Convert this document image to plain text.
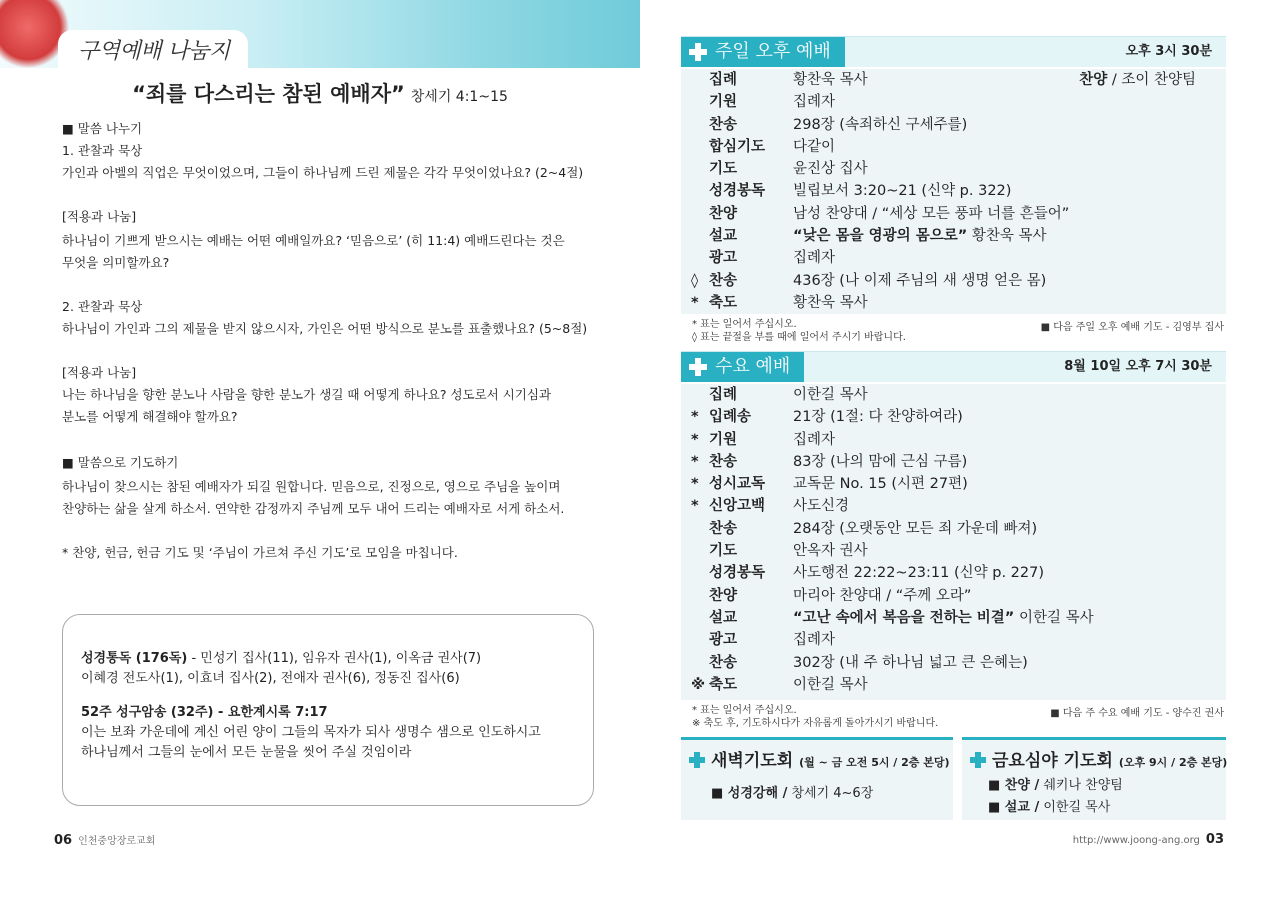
구역예배 나눔지
“죄를 다스리는 참된 예배자” 창세기 4:1~15
■ 말씀 나누기
1. 관찰과 묵상
가인과 아벨의 직업은 무엇이었으며, 그들이 하나님께 드린 제물은 각각 무엇이었나요? (2~4절)
[적용과 나눔]
하나님이 기쁘게 받으시는 예배는 어떤 예배일까요? ‘믿음으로’ (히 11:4) 예배드린다는 것은
무엇을 의미할까요?
2. 관찰과 묵상
하나님이 가인과 그의 제물을 받지 않으시자, 가인은 어떤 방식으로 분노를 표출했나요? (5~8절)
[적용과 나눔]
나는 하나님을 향한 분노나 사람을 향한 분노가 생길 때 어떻게 하나요? 성도로서 시기심과
분노를 어떻게 해결해야 할까요?
■ 말씀으로 기도하기
하나님이 찾으시는 참된 예배자가 되길 원합니다. 믿음으로, 진정으로, 영으로 주님을 높이며
찬양하는 삶을 살게 하소서. 연약한 감정까지 주님께 모두 내어 드리는 예배자로 서게 하소서.
* 찬양, 헌금, 헌금 기도 및 ‘주님이 가르쳐 주신 기도’로 모임을 마칩니다.
성경통독 (176독) - 민성기 집사(11), 임유자 권사(1), 이옥금 권사(7)
이혜경 전도사(1), 이효녀 집사(2), 전애자 권사(6), 정동진 집사(6)
52주 성구암송 (32주) - 요한계시록 7:17
이는 보좌 가운데에 계신 어린 양이 그들의 목자가 되사 생명수 샘으로 인도하시고
하나님께서 그들의 눈에서 모든 눈물을 씻어 주실 것임이라
06 인천중앙장로교회
주일 오후 예배	오후 3시 30분
집례	황찬욱 목사	찬양 / 조이 찬양팀
기원	집례자
찬송	298장 (속죄하신 구세주를)
합심기도	다같이
기도	윤진상 집사
성경봉독	빌립보서 3:20~21 (신약 p. 322)
찬양	남성 찬양대 / “세상 모든 풍파 너를 흔들어”
설교	“낮은 몸을 영광의 몸으로” 황찬욱 목사
광고	집례자
◊ 찬송	436장 (나 이제 주님의 새 생명 얻은 몸)
* 축도	황찬욱 목사
* 표는 일어서 주십시오.
◊ 표는 끝절을 부를 때에 일어서 주시기 바랍니다.
■ 다음 주일 오후 예배 기도 - 김영부 집사
수요 예배	8월 10일 오후 7시 30분
집례	이한길 목사
* 입례송	21장 (1절: 다 찬양하여라)
* 기원	집례자
* 찬송	83장 (나의 맘에 근심 구름)
* 성시교독	교독문 No. 15 (시편 27편)
* 신앙고백	사도신경
찬송	284장 (오랫동안 모든 죄 가운데 빠져)
기도	안옥자 권사
성경봉독	사도행전 22:22~23:11 (신약 p. 227)
찬양	마리아 찬양대 / “주께 오라”
설교	“고난 속에서 복음을 전하는 비결” 이한길 목사
광고	집례자
찬송	302장 (내 주 하나님 넓고 큰 은혜는)
※ 축도	이한길 목사
* 표는 일어서 주십시오.
※ 축도 후, 기도하시다가 자유롭게 돌아가시기 바랍니다.
■ 다음 주 수요 예배 기도 - 양수진 권사
새벽기도회 (월 ~ 금 오전 5시 / 2층 본당)
■ 성경강해 / 창세기 4~6장
금요심야 기도회 (오후 9시 / 2층 본당)
■ 찬양 / 쉐키나 찬양팀
■ 설교 / 이한길 목사
http://www.joong-ang.org 03
